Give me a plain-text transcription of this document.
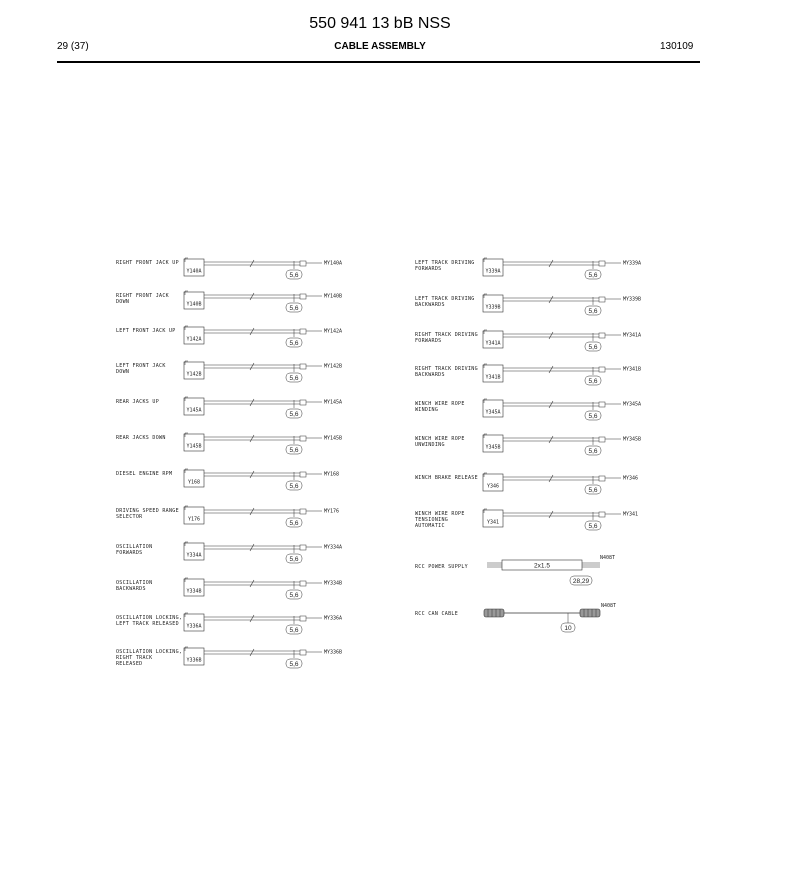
550 941 13 bB NSS
29 (37)	CABLE ASSEMBLY	130109
RIGHT FRONT JACK UP
Y140A
MY140A
5,6
RIGHT FRONT JACK
DOWN	Y140B
MY140B
5,6
LEFT FRONT JACK UP
Y142A
MY142A
5,6
LEFT FRONT JACK
DOWN	Y142B
MY142B
5,6
REAR JACKS UP
Y145A
MY145A
5,6
REAR JACKS DOWN
Y145B
MY145B
5,6
DIESEL ENGINE RPM
Y168
MY168
5,6
DRIVING SPEED RANGE
SELECTOR	Y176
MY176
5,6
OSCILLATION
FORWARDS	Y334A
MY334A
5,6
OSCILLATION
BACKWARDS	Y334B
MY334B
5,6
OSCILLATION LOCKING,
LEFT TRACK RELEASED Y336A
MY336A
5,6
OSCILLATION LOCKING,
RIGHT TRACK
RELEASED
Y336B
MY336B
5,6
LEFT TRACK DRIVING
FORWARDS	Y339A
MY339A
5,6
LEFT TRACK DRIVING
BACKWARDS	Y339B
MY339B
5,6
RIGHT TRACK DRIVING
FORWARDS	Y341A
MY341A
5,6
RIGHT TRACK DRIVING
BACKWARDS	Y341B
MY341B
5,6
WINCH WIRE ROPE
WINDING	Y345A
MY345A
5,6
WINCH WIRE ROPE
UNWINDING	Y345B
MY345B
5,6
WINCH BRAKE RELEASE
Y346
MY346
5,6
WINCH WIRE ROPE
TENSIONING
AUTOMATIC
Y341
MY341
5,6
RCC POWER SUPPLY	2x1.5
N408T
28,29
RCC CAN CABLE
N408T
10
